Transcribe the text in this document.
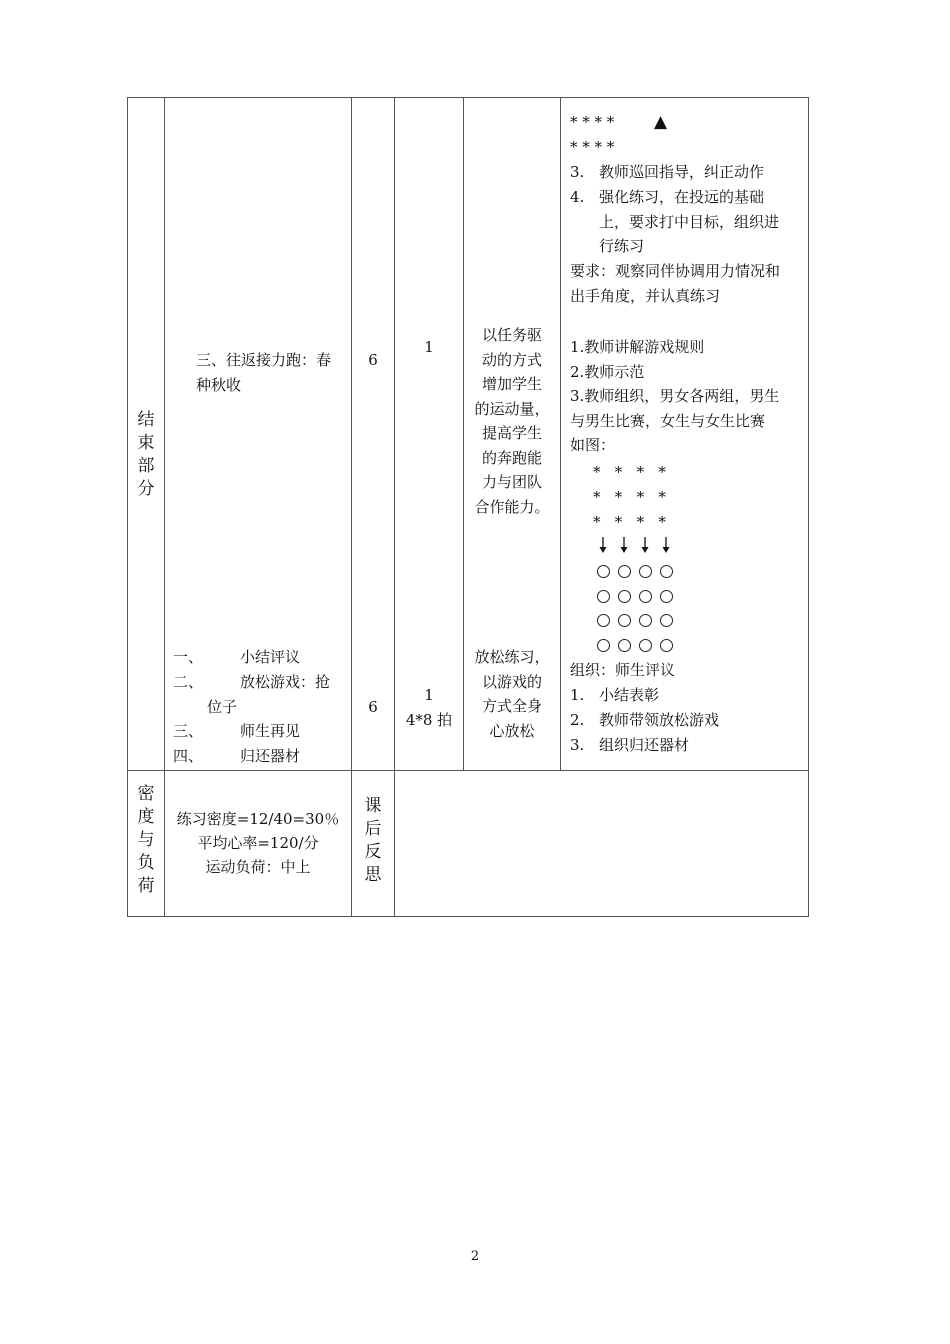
结
束
部
分
三、往返接力跑：春
种秋收
6
1
以任务驱
动的方式
增加学生
的运动量，
提高学生
的奔跑能
力与团队
合作能力。
一、 小结评议
二、 放松游戏：抢
位子
三、 师生再见
四、 归还器材
6
1
4*8 拍
放松练习，
以游戏的
方式全身
心放松
* * * * ▲
* * * *
3. 教师巡回指导，纠正动作
4. 强化练习，在投远的基础
上，要求打中目标，组织进
行练习
要求：观察同伴协调用力情况和
出手角度，并认真练习
1.教师讲解游戏规则
2.教师示范
3.教师组织，男女各两组，男生
与男生比赛，女生与女生比赛
如图：
*   *   *   *
*   *   *   *
*   *   *   *
组织：师生评议
1. 小结表彰
2. 教师带领放松游戏
3. 组织归还器材
密
度
与
负
荷
练习密度=12/40=30％
平均心率=120/分
运动负荷：中上
课
后
反
思
2
